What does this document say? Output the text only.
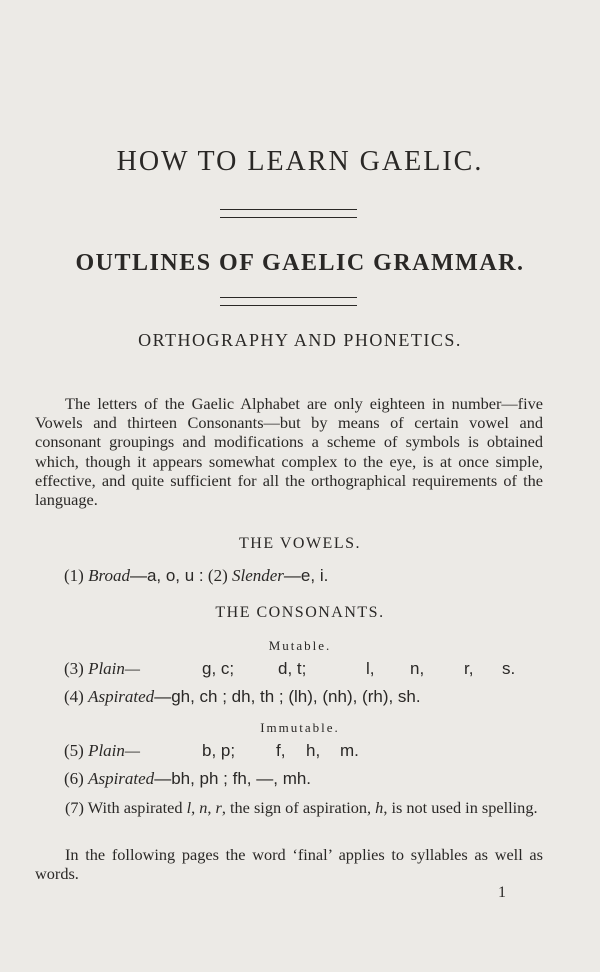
HOW TO LEARN GAELIC.
OUTLINES OF GAELIC GRAMMAR.
ORTHOGRAPHY AND PHONETICS.
The letters of the Gaelic Alphabet are only eighteen in number—five Vowels and thirteen Consonants—but by means of certain vowel and consonant groupings and modifications a scheme of symbols is obtained which, though it appears somewhat complex to the eye, is at once simple, effective, and quite sufficient for all the orthographical requirements of the language.
THE VOWELS.
(1) Broad—a, o, u : (2) Slender—e, i.
THE CONSONANTS.
Mutable.
(3) Plain—	g, c;	d, t;	l, n, r, s.
(4) Aspirated—gh, ch ; dh, th ; (lh), (nh), (rh), sh.
Immutable.
(5) Plain—	b, p; f, h, m.
(6) Aspirated—bh, ph ; fh, —, mh.
(7) With aspirated l, n, r, the sign of aspiration, h, is not used in spelling.
In the following pages the word ‘final’ applies to syllables as well as words.
1
